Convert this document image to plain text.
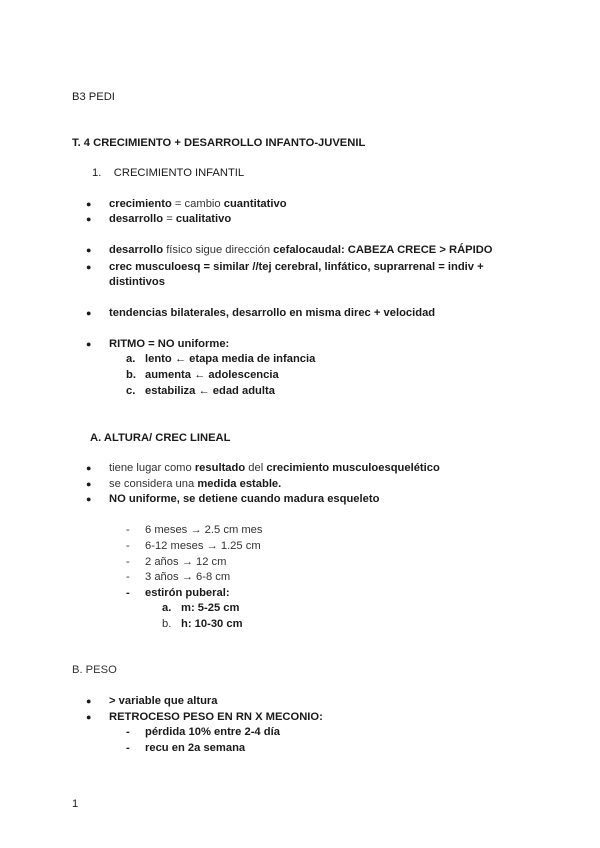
B3 PEDI
T. 4 CRECIMIENTO + DESARROLLO INFANTO-JUVENIL
1. CRECIMIENTO INFANTIL
● crecimiento = cambio cuantitativo
● desarrollo = cualitativo
● desarrollo físico sigue dirección cefalocaudal: CABEZA CRECE > RÁPIDO
● crec musculoesq = similar //tej cerebral, linfático, suprarrenal = indiv +
distintivos
● tendencias bilaterales, desarrollo en misma direc + velocidad
● RITMO = NO uniforme:
a. lento ← etapa media de infancia
b. aumenta ← adolescencia
c. estabiliza ← edad adulta
A. ALTURA/ CREC LINEAL
● tiene lugar como resultado del crecimiento musculoesquelético
● se considera una medida estable.
● NO uniforme, se detiene cuando madura esqueleto
- 6 meses → 2.5 cm mes
- 6-12 meses → 1.25 cm
- 2 años → 12 cm
- 3 años → 6-8 cm
- estirón puberal:
a. m: 5-25 cm
b. h: 10-30 cm
B. PESO
● > variable que altura
● RETROCESO PESO EN RN X MECONIO:
- pérdida 10% entre 2-4 día
- recu en 2a semana
1
